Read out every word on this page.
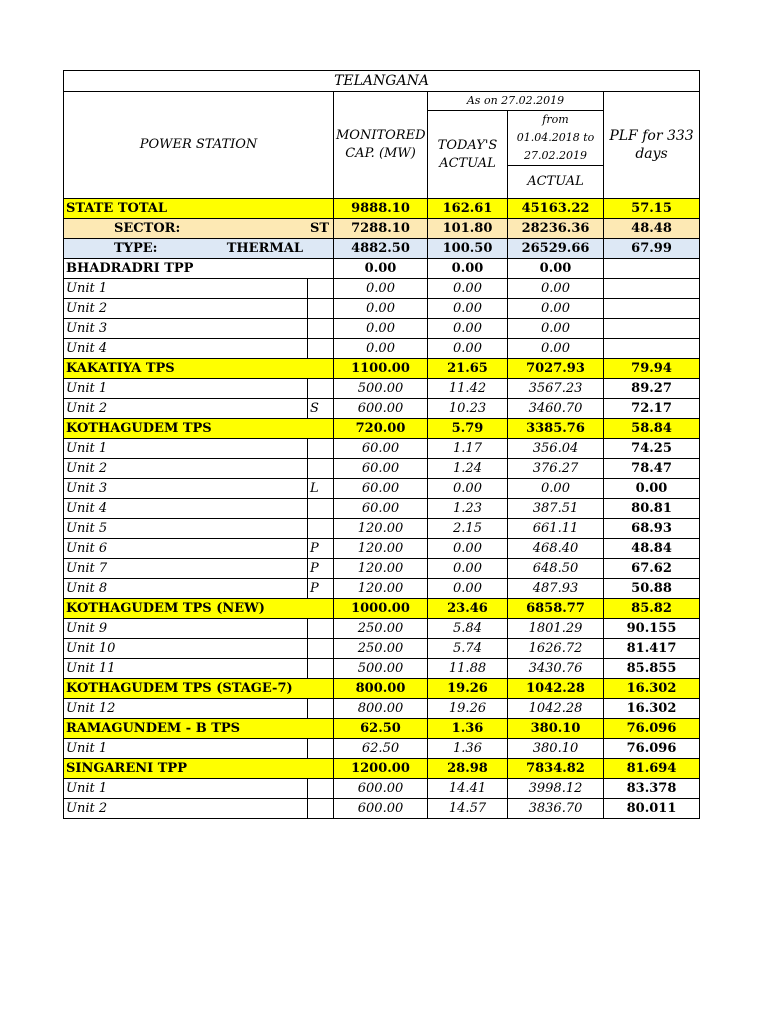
TELANGANA					
POWER STATION		MONITORED CAP. (MW)	As on 27.02.2019		PLF for 333 days
			TODAY'S ACTUAL	from 01.04.2018 to 27.02.2019	
				ACTUAL	
STATE TOTAL		9888.10	162.61	45163.22	57.15
SECTOR: ST		7288.10	101.80	28236.36	48.48
TYPE: THERMAL		4882.50	100.50	26529.66	67.99
BHADRADRI TPP		0.00	0.00	0.00	
Unit 1		0.00	0.00	0.00	
Unit 2		0.00	0.00	0.00	
Unit 3		0.00	0.00	0.00	
Unit 4		0.00	0.00	0.00	
KAKATIYA TPS		1100.00	21.65	7027.93	79.94
Unit 1		500.00	11.42	3567.23	89.27
Unit 2	S	600.00	10.23	3460.70	72.17
KOTHAGUDEM TPS		720.00	5.79	3385.76	58.84
Unit 1		60.00	1.17	356.04	74.25
Unit 2		60.00	1.24	376.27	78.47
Unit 3	L	60.00	0.00	0.00	0.00
Unit 4		60.00	1.23	387.51	80.81
Unit 5		120.00	2.15	661.11	68.93
Unit 6	P	120.00	0.00	468.40	48.84
Unit 7	P	120.00	0.00	648.50	67.62
Unit 8	P	120.00	0.00	487.93	50.88
KOTHAGUDEM TPS (NEW)		1000.00	23.46	6858.77	85.82
Unit 9		250.00	5.84	1801.29	90.155
Unit 10		250.00	5.74	1626.72	81.417
Unit 11		500.00	11.88	3430.76	85.855
KOTHAGUDEM TPS (STAGE-7)		800.00	19.26	1042.28	16.302
Unit 12		800.00	19.26	1042.28	16.302
RAMAGUNDEM - B TPS		62.50	1.36	380.10	76.096
Unit 1		62.50	1.36	380.10	76.096
SINGARENI TPP		1200.00	28.98	7834.82	81.694
Unit 1		600.00	14.41	3998.12	83.378
Unit 2		600.00	14.57	3836.70	80.011
